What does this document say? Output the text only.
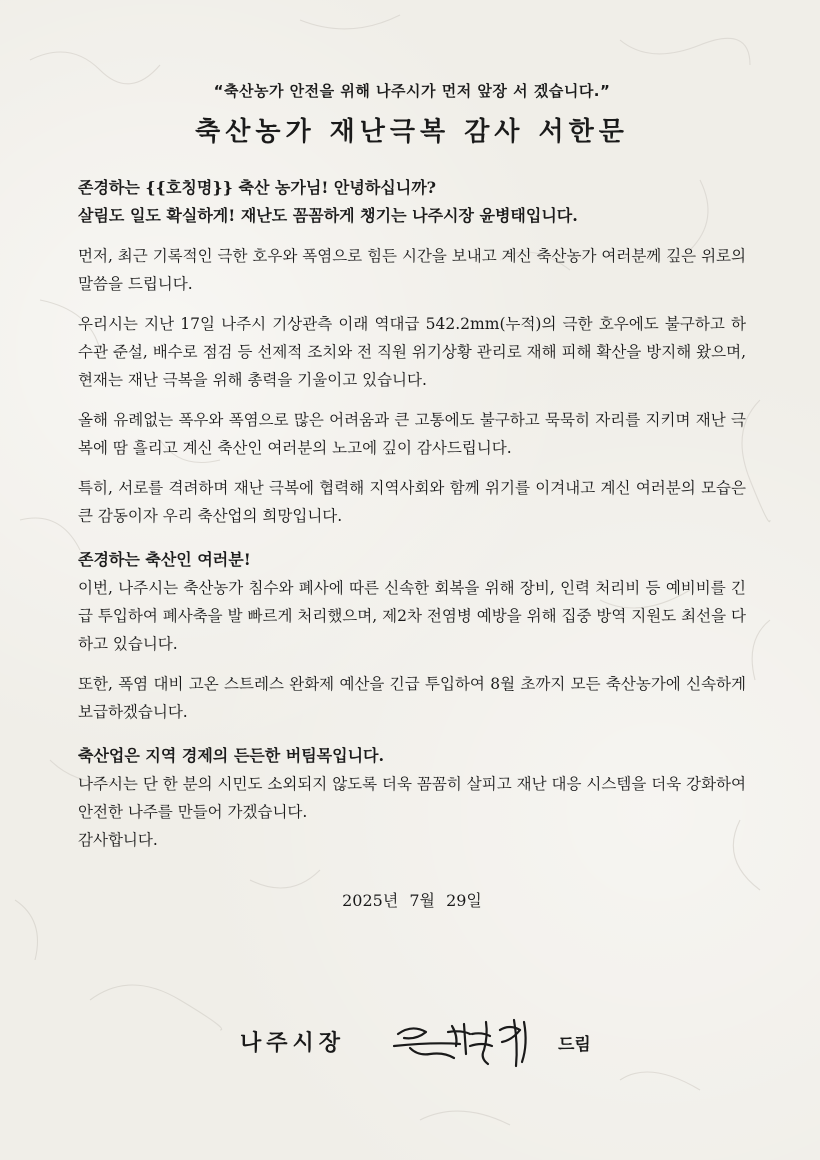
“축산농가 안전을 위해 나주시가 먼저 앞장 서 겠습니다.”
축산농가 재난극복 감사 서한문
존경하는 {{호칭명}} 축산 농가님! 안녕하십니까?
살림도 일도 확실하게! 재난도 꼼꼼하게 챙기는 나주시장 윤병태입니다.

먼저, 최근 기록적인 극한 호우와 폭염으로 힘든 시간을 보내고 계신 축산농가 여러분께 깊은 위로의 말씀을 드립니다.

우리시는 지난 17일 나주시 기상관측 이래 역대급 542.2mm(누적)의 극한 호우에도 불구하고 하수관 준설, 배수로 점검 등 선제적 조치와 전 직원 위기상황 관리로 재해 피해 확산을 방지해 왔으며, 현재는 재난 극복을 위해 총력을 기울이고 있습니다.

올해 유례없는 폭우와 폭염으로 많은 어려움과 큰 고통에도 불구하고 묵묵히 자리를 지키며 재난 극복에 땀 흘리고 계신 축산인 여러분의 노고에 깊이 감사드립니다.

특히, 서로를 격려하며 재난 극복에 협력해 지역사회와 함께 위기를 이겨내고 계신 여러분의 모습은 큰 감동이자 우리 축산업의 희망입니다.

존경하는 축산인 여러분!

이번, 나주시는 축산농가 침수와 폐사에 따른 신속한 회복을 위해 장비, 인력 처리비 등 예비비를 긴급 투입하여 폐사축을 발 빠르게 처리했으며, 제2차 전염병 예방을 위해 집중 방역 지원도 최선을 다하고 있습니다.

또한, 폭염 대비 고온 스트레스 완화제 예산을 긴급 투입하여 8월 초까지 모든 축산농가에 신속하게 보급하겠습니다.

축산업은 지역 경제의 든든한 버팀목입니다.

나주시는 단 한 분의 시민도 소외되지 않도록 더욱 꼼꼼히 살피고 재난 대응 시스템을 더욱 강화하여 안전한 나주를 만들어 가겠습니다.

감사합니다.

2025년 7월 29일
나주시장	드림
